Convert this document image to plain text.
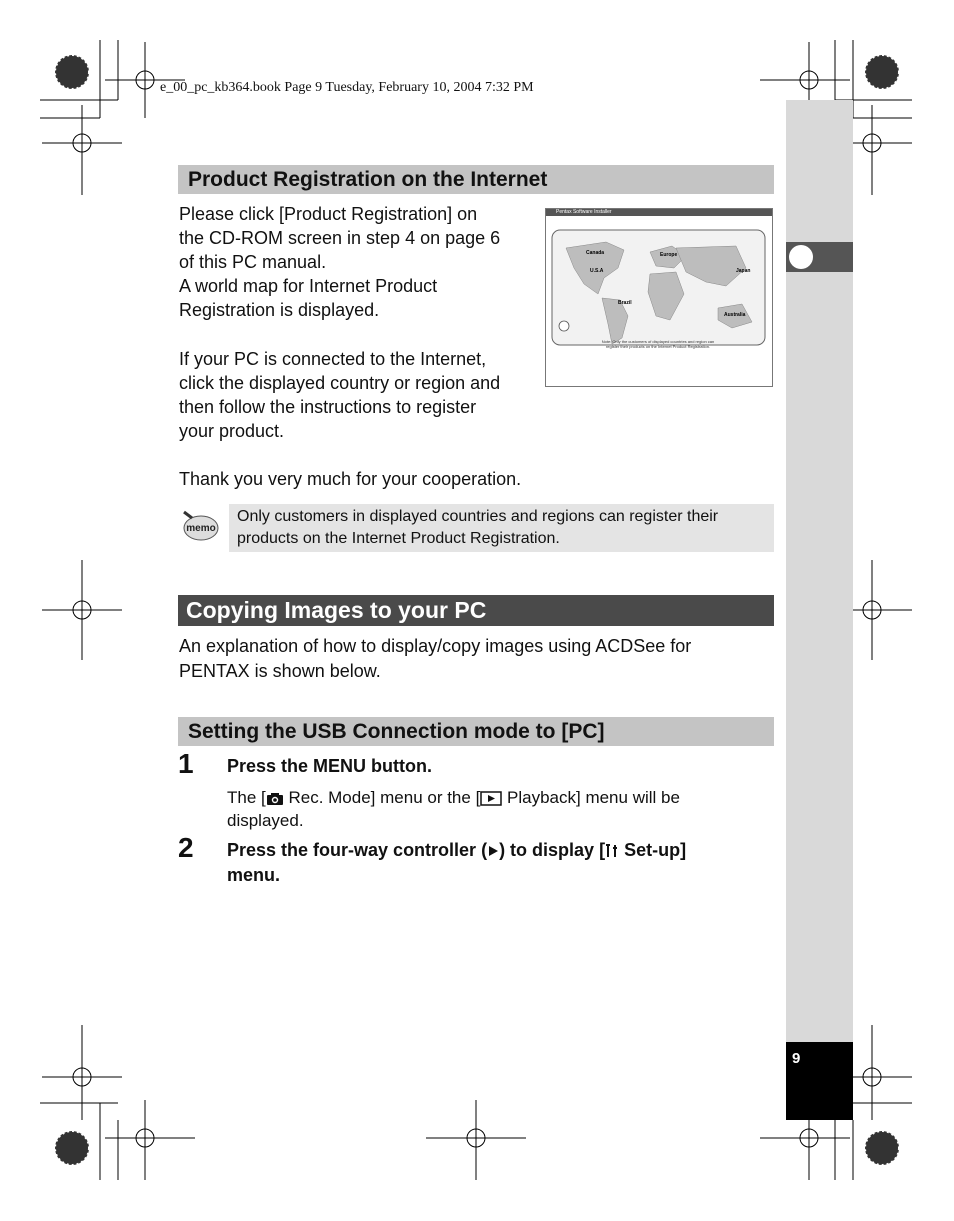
e_00_pc_kb364.book Page 9 Tuesday, February 10, 2004 7:32 PM
9
Product Registration on the Internet
Please click [Product Registration] on
the CD-ROM screen in step 4 on page 6
of this PC manual.
A world map for Internet Product
Registration is displayed.
If your PC is connected to the Internet,
click the displayed country or region and
then follow the instructions to register
your product.
Thank you very much for your cooperation.
Pentax Software Installer
Canada
U.S.A
Europe
Japan
Brazil
Australia
Note: Only the customers of displayed countries and region can
register their products on the Internet Product Registration.
memo
Only customers in displayed countries and regions can register their
products on the Internet Product Registration.
Copying Images to your PC
An explanation of how to display/copy images using ACDSee for
PENTAX is shown below.
Setting the USB Connection mode to [PC]
1 Press the MENU button.
The [ Rec. Mode] menu or the [ Playback] menu will be
displayed.
2 Press the four-way controller ( ) to display [ Set-up]
menu.
